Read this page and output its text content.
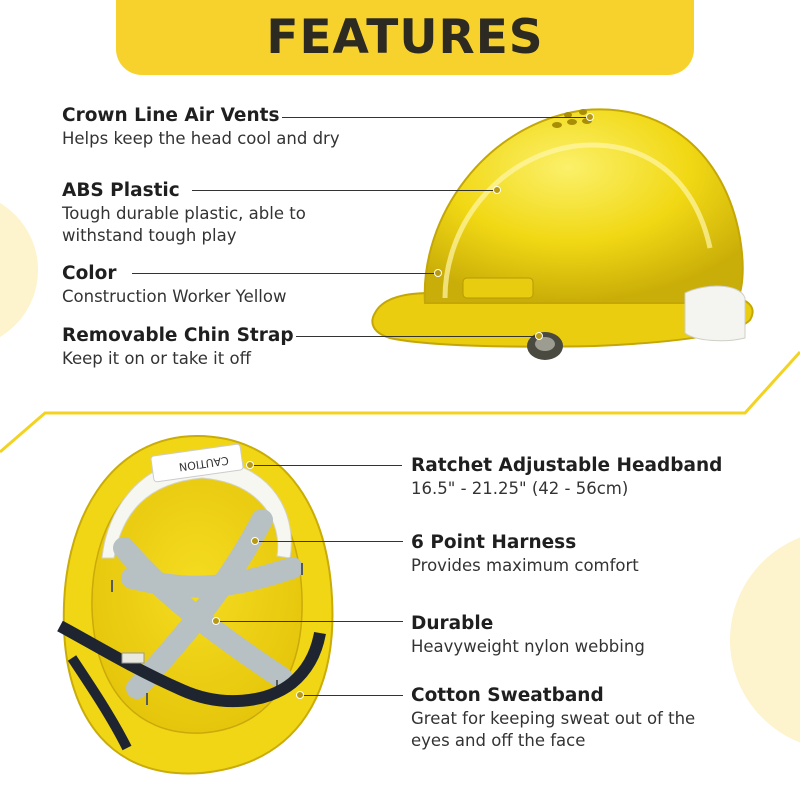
FEATURES
CAUTION
Crown Line Air Vents
Helps keep the head cool and dry
ABS Plastic
Tough durable plastic, able to withstand tough play
Color
Construction Worker Yellow
Removable Chin Strap
Keep it on or take it off
Ratchet Adjustable Headband
16.5" - 21.25" (42 - 56cm)
6 Point Harness
Provides maximum comfort
Durable
Heavyweight nylon webbing
Cotton Sweatband
Great for keeping sweat out of the eyes and off the face
